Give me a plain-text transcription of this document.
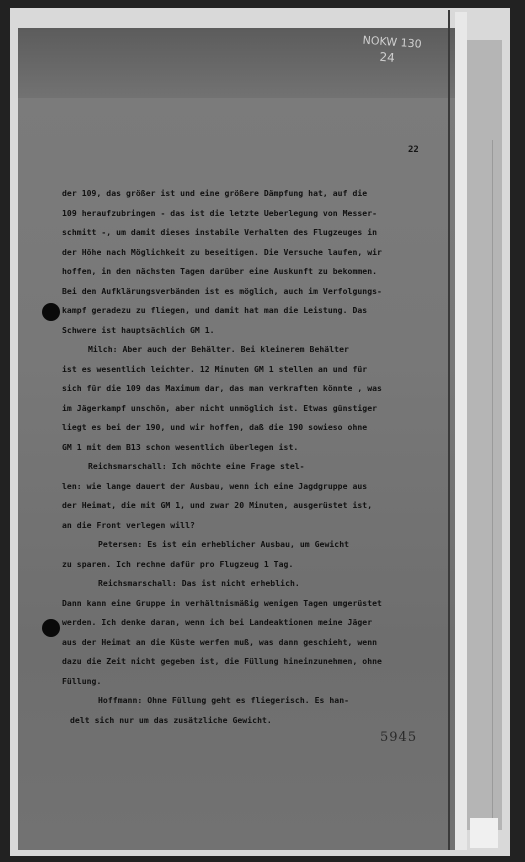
NOKW 130
24
22
der 109, das größer ist und eine größere Dämpfung hat, auf die
109 heraufzubringen - das ist die letzte Ueberlegung von Messer-
schmitt -, um damit dieses instabile Verhalten des Flugzeuges in
der Höhe nach Möglichkeit zu beseitigen. Die Versuche laufen, wir
hoffen, in den nächsten Tagen darüber eine Auskunft zu bekommen.
Bei den Aufklärungsverbänden ist es möglich, auch im Verfolgungs-
kampf geradezu zu fliegen, und damit hat man die Leistung. Das
Schwere ist hauptsächlich GM 1.
Milch: Aber auch der Behälter. Bei kleinerem Behälter
ist es wesentlich leichter. 12 Minuten GM 1 stellen an und für
sich für die 109 das Maximum dar, das man verkraften könnte , was
im Jägerkampf unschön, aber nicht unmöglich ist. Etwas günstiger
liegt es bei der 190, und wir hoffen, daß die 190 sowieso ohne
GM 1 mit dem B13 schon wesentlich überlegen ist.
Reichsmarschall: Ich möchte eine Frage stel-
len: wie lange dauert der Ausbau, wenn ich eine Jagdgruppe aus
der Heimat, die mit GM 1, und zwar 20 Minuten, ausgerüstet ist,
an die Front verlegen will?
Petersen: Es ist ein erheblicher Ausbau, um Gewicht
zu sparen. Ich rechne dafür pro Flugzeug 1 Tag.
Reichsmarschall: Das ist nicht erheblich.
Dann kann eine Gruppe in verhältnismäßig wenigen Tagen umgerüstet
werden. Ich denke daran, wenn ich bei Landeaktionen meine Jäger
aus der Heimat an die Küste werfen muß, was dann geschieht, wenn
dazu die Zeit nicht gegeben ist, die Füllung hineinzunehmen, ohne
Füllung.
Hoffmann: Ohne Füllung geht es fliegerisch. Es han-
delt sich nur um das zusätzliche Gewicht.
5945
